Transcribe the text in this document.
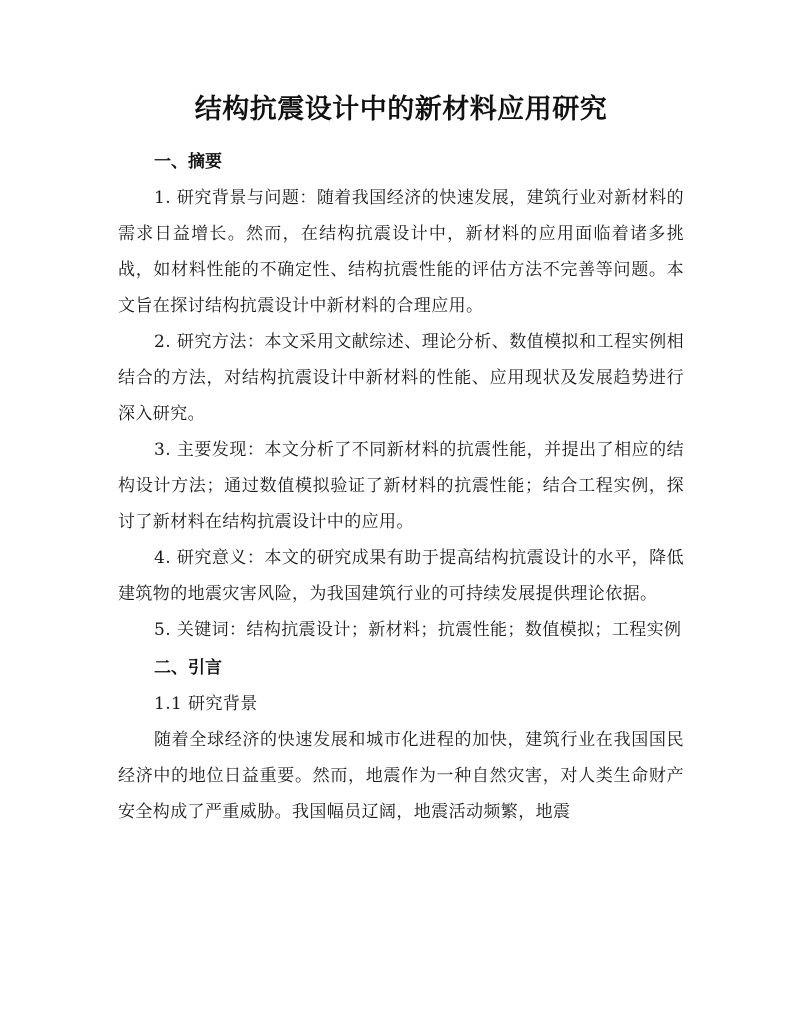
结构抗震设计中的新材料应用研究
一、摘要

1. 研究背景与问题：随着我国经济的快速发展，建筑行业对新材料的需求日益增长。然而，在结构抗震设计中，新材料的应用面临着诸多挑战，如材料性能的不确定性、结构抗震性能的评估方法不完善等问题。本文旨在探讨结构抗震设计中新材料的合理应用。

2. 研究方法：本文采用文献综述、理论分析、数值模拟和工程实例相结合的方法，对结构抗震设计中新材料的性能、应用现状及发展趋势进行深入研究。

3. 主要发现：本文分析了不同新材料的抗震性能，并提出了相应的结构设计方法；通过数值模拟验证了新材料的抗震性能；结合工程实例，探讨了新材料在结构抗震设计中的应用。

4. 研究意义：本文的研究成果有助于提高结构抗震设计的水平，降低建筑物的地震灾害风险，为我国建筑行业的可持续发展提供理论依据。

5. 关键词：结构抗震设计；新材料；抗震性能；数值模拟；工程实例

二、引言

1.1 研究背景

随着全球经济的快速发展和城市化进程的加快，建筑行业在我国国民经济中的地位日益重要。然而，地震作为一种自然灾害，对人类生命财产安全构成了严重威胁。我国幅员辽阔，地震活动频繁，地震
